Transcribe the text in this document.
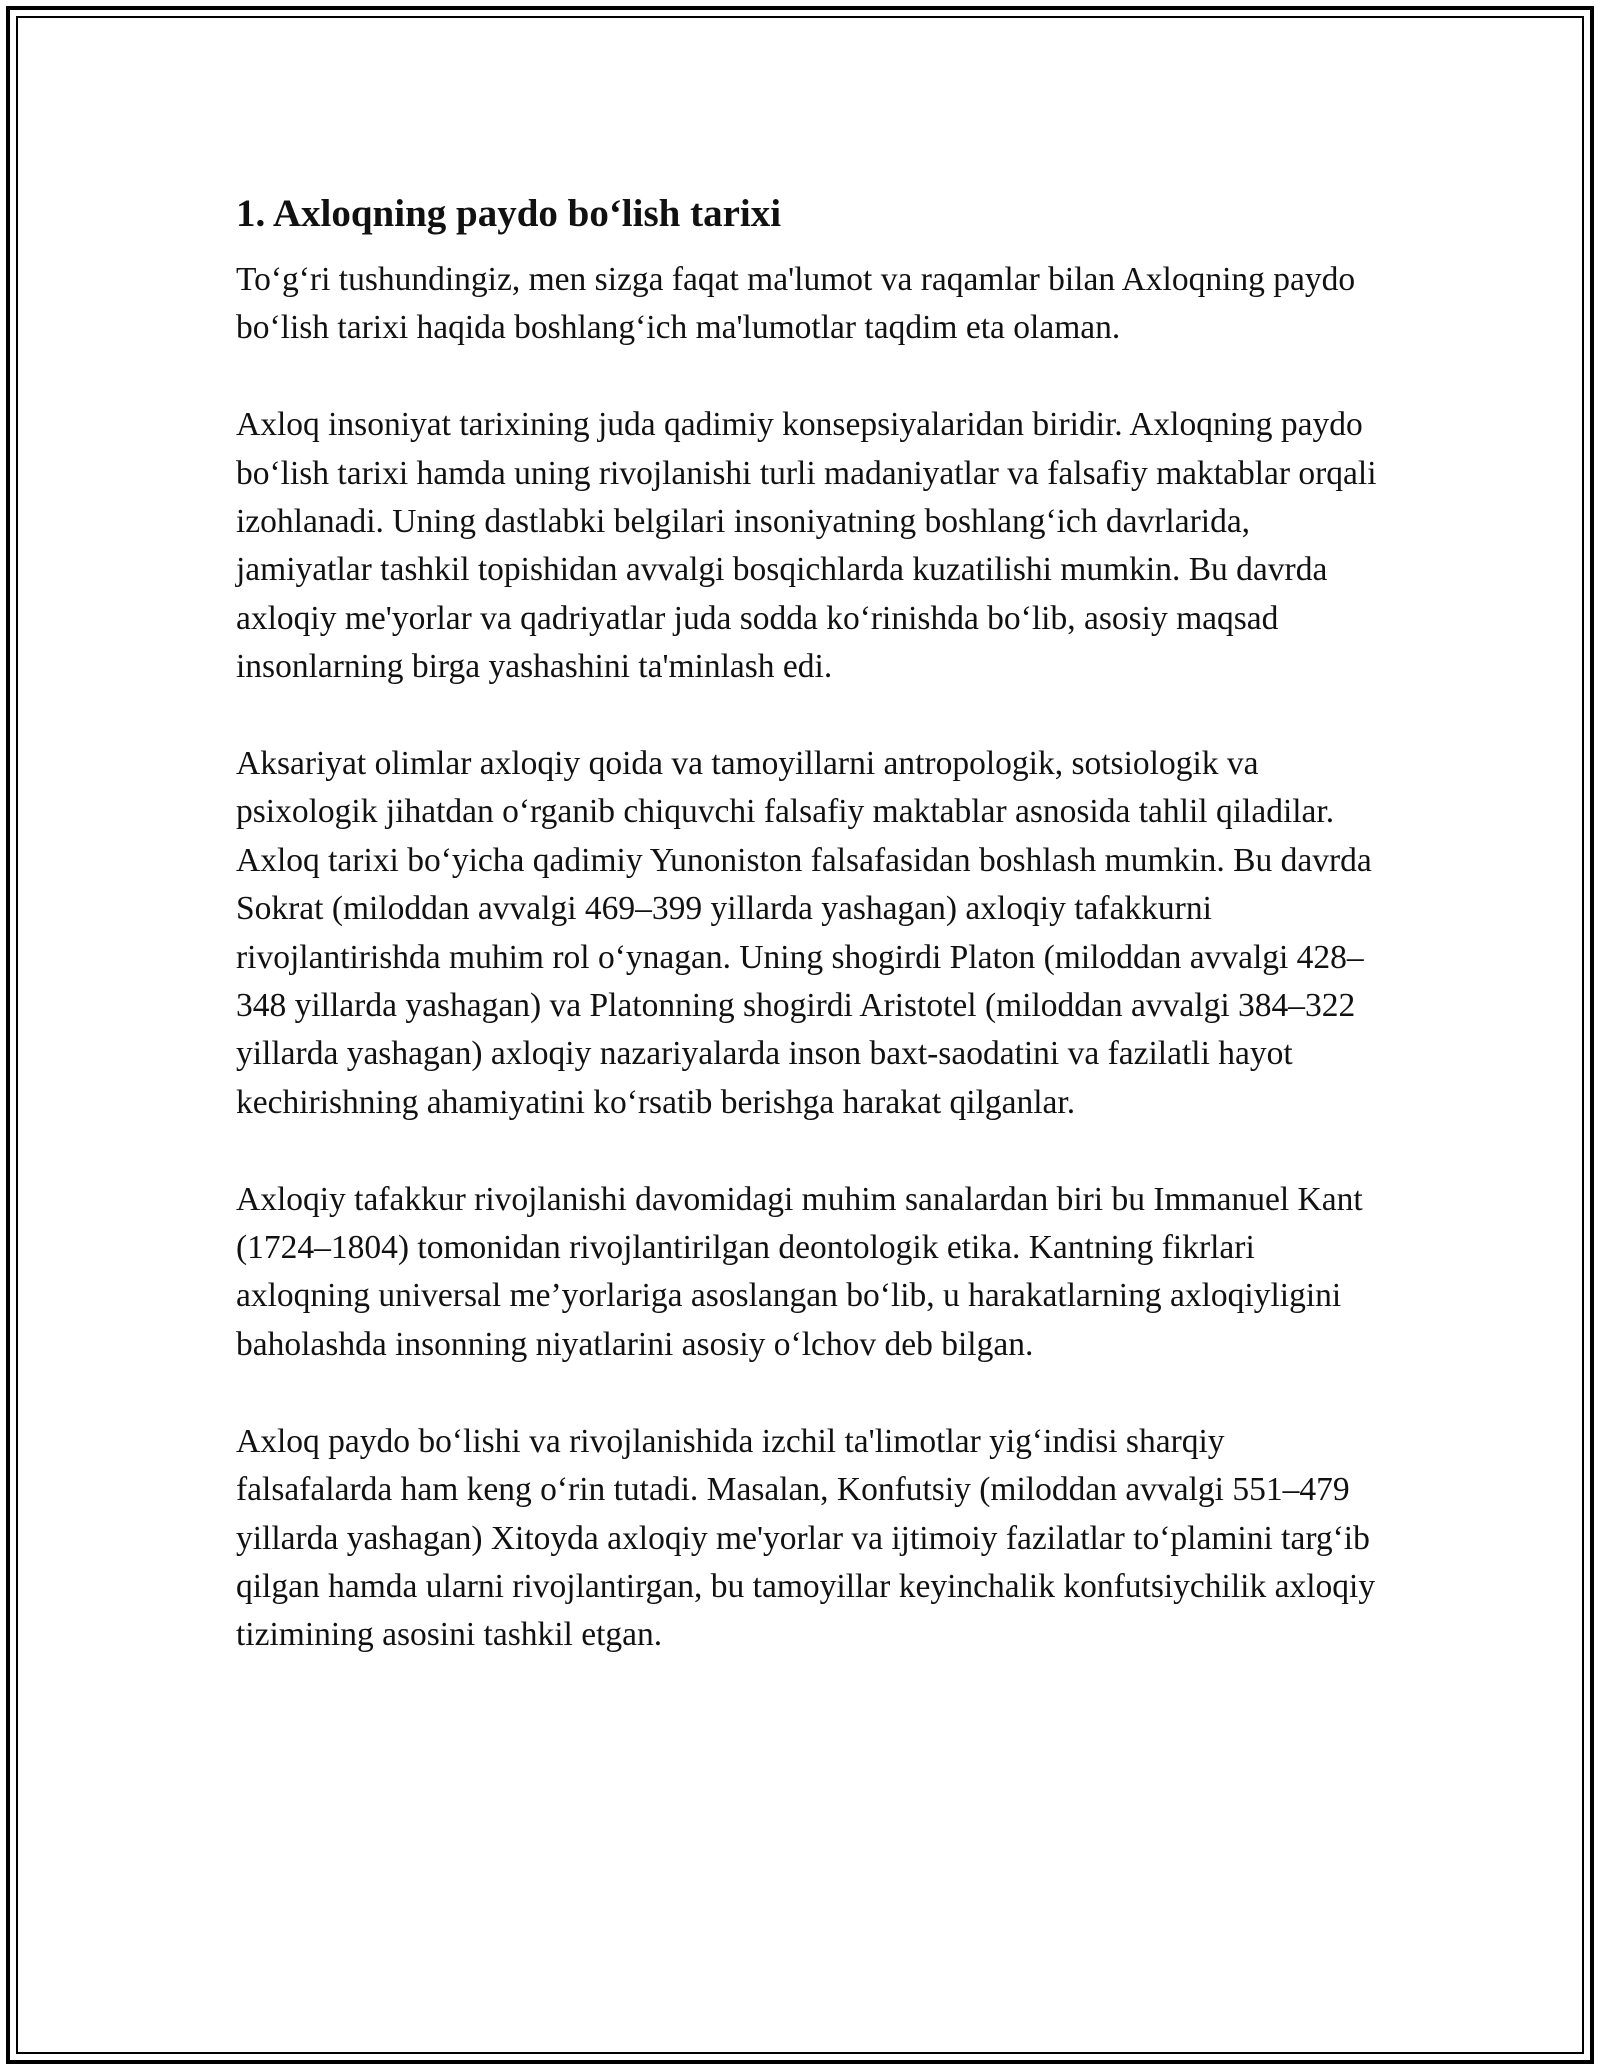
1. Axloqning paydo bo‘lish tarixi

To‘g‘ri tushundingiz, men sizga faqat ma'lumot va raqamlar bilan Axloqning paydo bo‘lish tarixi haqida boshlang‘ich ma'lumotlar taqdim eta olaman.

Axloq insoniyat tarixining juda qadimiy konsepsiyalaridan biridir. Axloqning paydo bo‘lish tarixi hamda uning rivojlanishi turli madaniyatlar va falsafiy maktablar orqali izohlanadi. Uning dastlabki belgilari insoniyatning boshlang‘ich davrlarida, jamiyatlar tashkil topishidan avvalgi bosqichlarda kuzatilishi mumkin. Bu davrda axloqiy me'yorlar va qadriyatlar juda sodda ko‘rinishda bo‘lib, asosiy maqsad insonlarning birga yashashini ta'minlash edi.

Aksariyat olimlar axloqiy qoida va tamoyillarni antropologik, sotsiologik va psixologik jihatdan o‘rganib chiquvchi falsafiy maktablar asnosida tahlil qiladilar. Axloq tarixi bo‘yicha qadimiy Yunoniston falsafasidan boshlash mumkin. Bu davrda Sokrat (miloddan avvalgi 469–399 yillarda yashagan) axloqiy tafakkurni rivojlantirishda muhim rol o‘ynagan. Uning shogirdi Platon (miloddan avvalgi 428–348 yillarda yashagan) va Platonning shogirdi Aristotel (miloddan avvalgi 384–322 yillarda yashagan) axloqiy nazariyalarda inson baxt-saodatini va fazilatli hayot kechirishning ahamiyatini ko‘rsatib berishga harakat qilganlar.

Axloqiy tafakkur rivojlanishi davomidagi muhim sanalardan biri bu Immanuel Kant (1724–1804) tomonidan rivojlantirilgan deontologik etika. Kantning fikrlari axloqning universal me’yorlariga asoslangan bo‘lib, u harakatlarning axloqiyligini baholashda insonning niyatlarini asosiy o‘lchov deb bilgan.

Axloq paydo bo‘lishi va rivojlanishida izchil ta'limotlar yig‘indisi sharqiy falsafalarda ham keng o‘rin tutadi. Masalan, Konfutsiy (miloddan avvalgi 551–479 yillarda yashagan) Xitoyda axloqiy me'yorlar va ijtimoiy fazilatlar to‘plamini targ‘ib qilgan hamda ularni rivojlantirgan, bu tamoyillar keyinchalik konfutsiychilik axloqiy tizimining asosini tashkil etgan.
